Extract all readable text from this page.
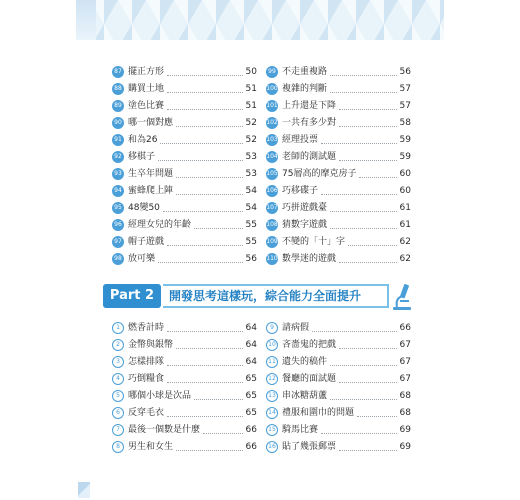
87 擺正方形	50
88 購買土地	51
89 塗色比賽	51
90 哪一個對應	52
91 和為26	52
92 移棋子	53
93 生卒年問題	53
94 蜜蜂爬上陣	54
95 48變50	54
96 經理女兒的年齡	55
97 帽子遊戲	55
98 放可樂	56
99 不走重複路	56
100 複雜的判斷	57
101 上升還是下降	57
102 一共有多少對	58
103 經理投票	59
104 老師的測試題	59
105 75層高的摩克房子	60
106 巧移碟子	60
107 巧拼遊戲臺	61
108 猜數字遊戲	61
109 不變的「十」字	62
110 數學迷的遊戲	62
Part 2	開發思考這樣玩，綜合能力全面提升
1 燃香計時	64
2 金幣與銀幣	64
3 怎樣排隊	64
4 巧倒糧食	65
5 哪個小球是次品	65
6 反穿毛衣	65
7 最後一個數是什麼	66
8 男生和女生	66
9 請病假	66
10 吝嗇鬼的把戲	67
11 遺失的稿件	67
12 餐廳的面試題	67
13 串冰糖葫蘆	68
14 禮服和圍巾的問題	68
15 騎馬比賽	69
16 貼了幾張郵票	69
